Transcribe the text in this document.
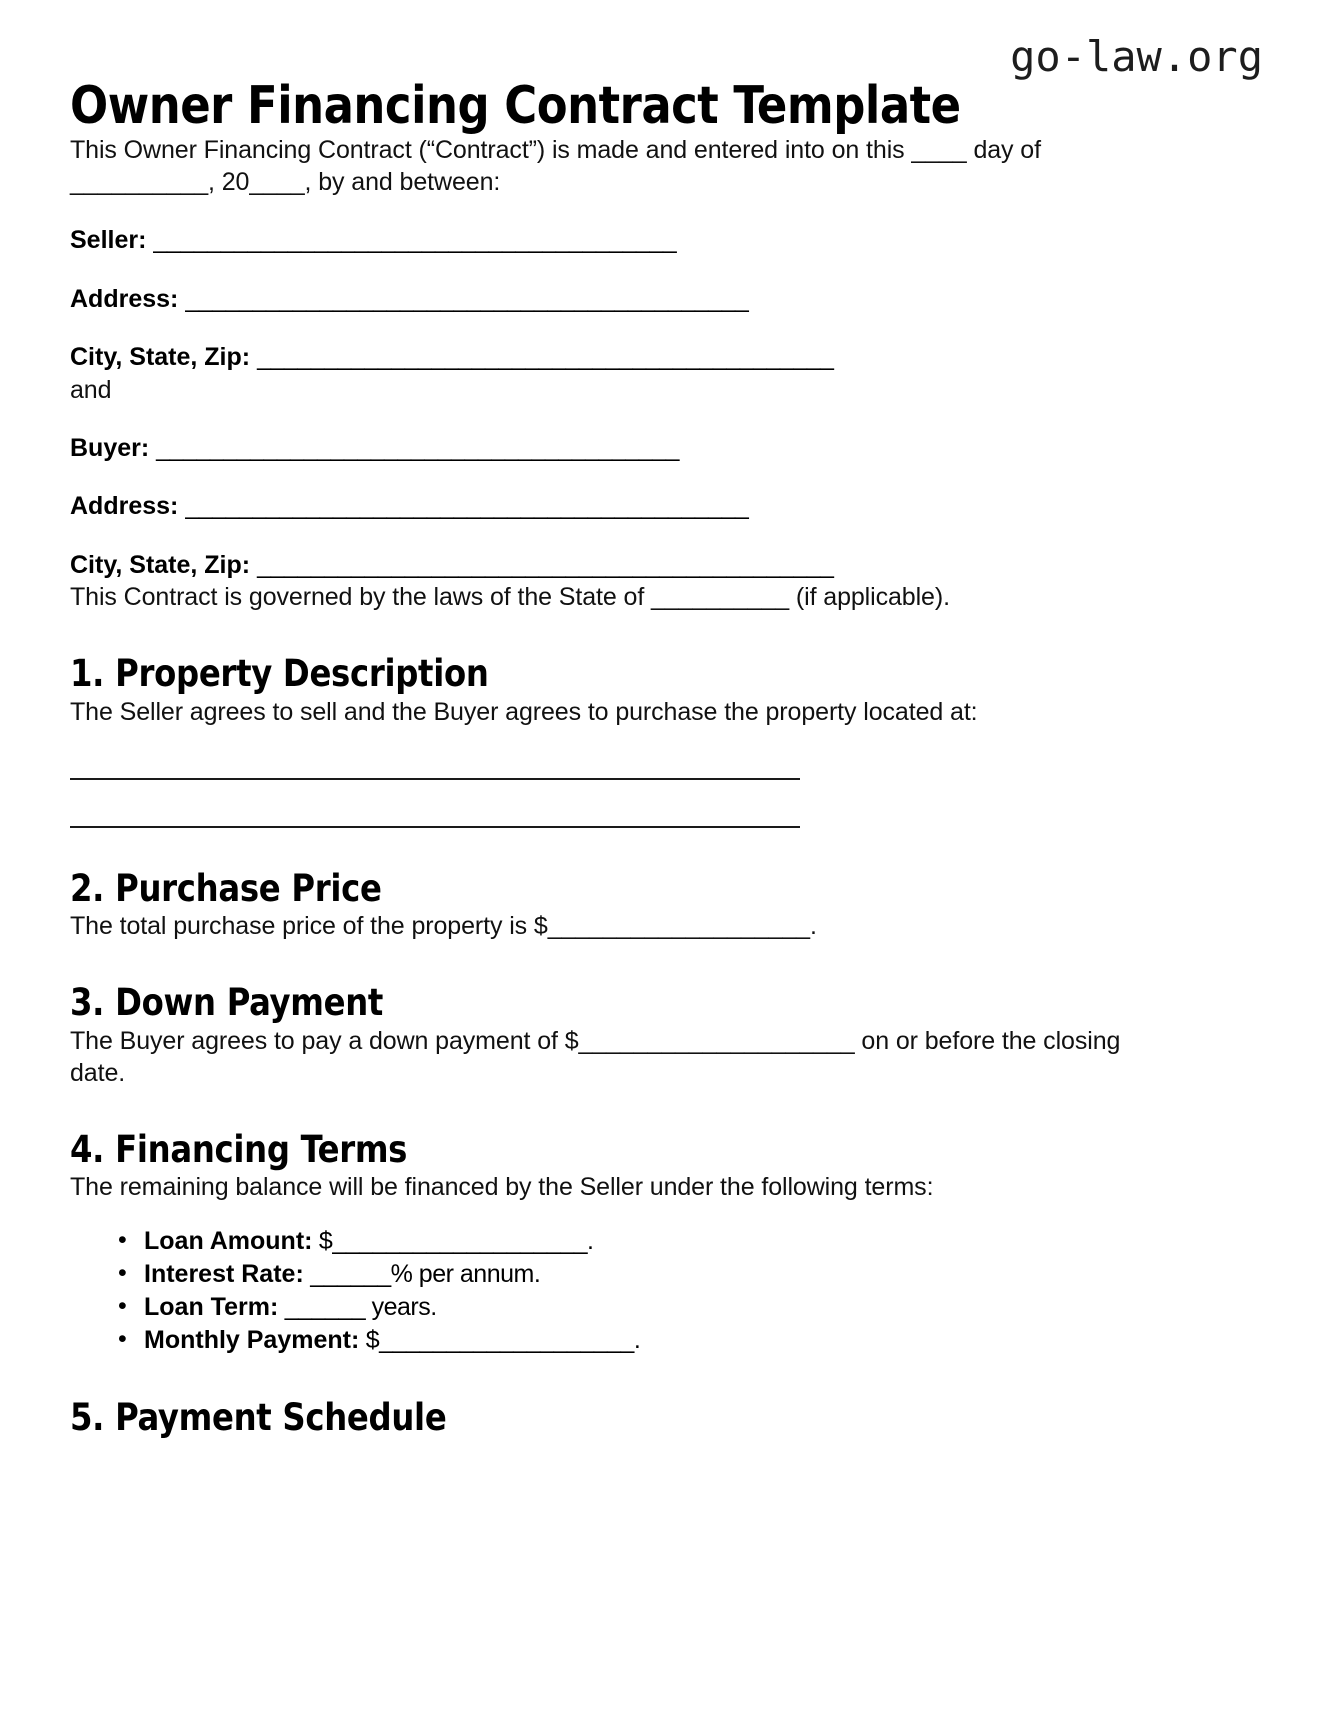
go-law.org
Owner Financing Contract Template

This Owner Financing Contract (“Contract”) is made and entered into on this ____ day of __________, 20____, by and between:

Seller: _______________________________________
Address: __________________________________________
City, State, Zip: ___________________________________________

and

Buyer: _______________________________________
Address: __________________________________________
City, State, Zip: ___________________________________________

This Contract is governed by the laws of the State of __________ (if applicable).

1. Property Description

The Seller agrees to sell and the Buyer agrees to purchase the property located at:

2. Purchase Price

The total purchase price of the property is $___________________.

3. Down Payment

The Buyer agrees to pay a down payment of $____________________ on or before the closing date.

4. Financing Terms

The remaining balance will be financed by the Seller under the following terms:

• Loan Amount: $___________________.
• Interest Rate: ______% per annum.
• Loan Term: ______ years.
• Monthly Payment: $___________________.
5. Payment Schedule
